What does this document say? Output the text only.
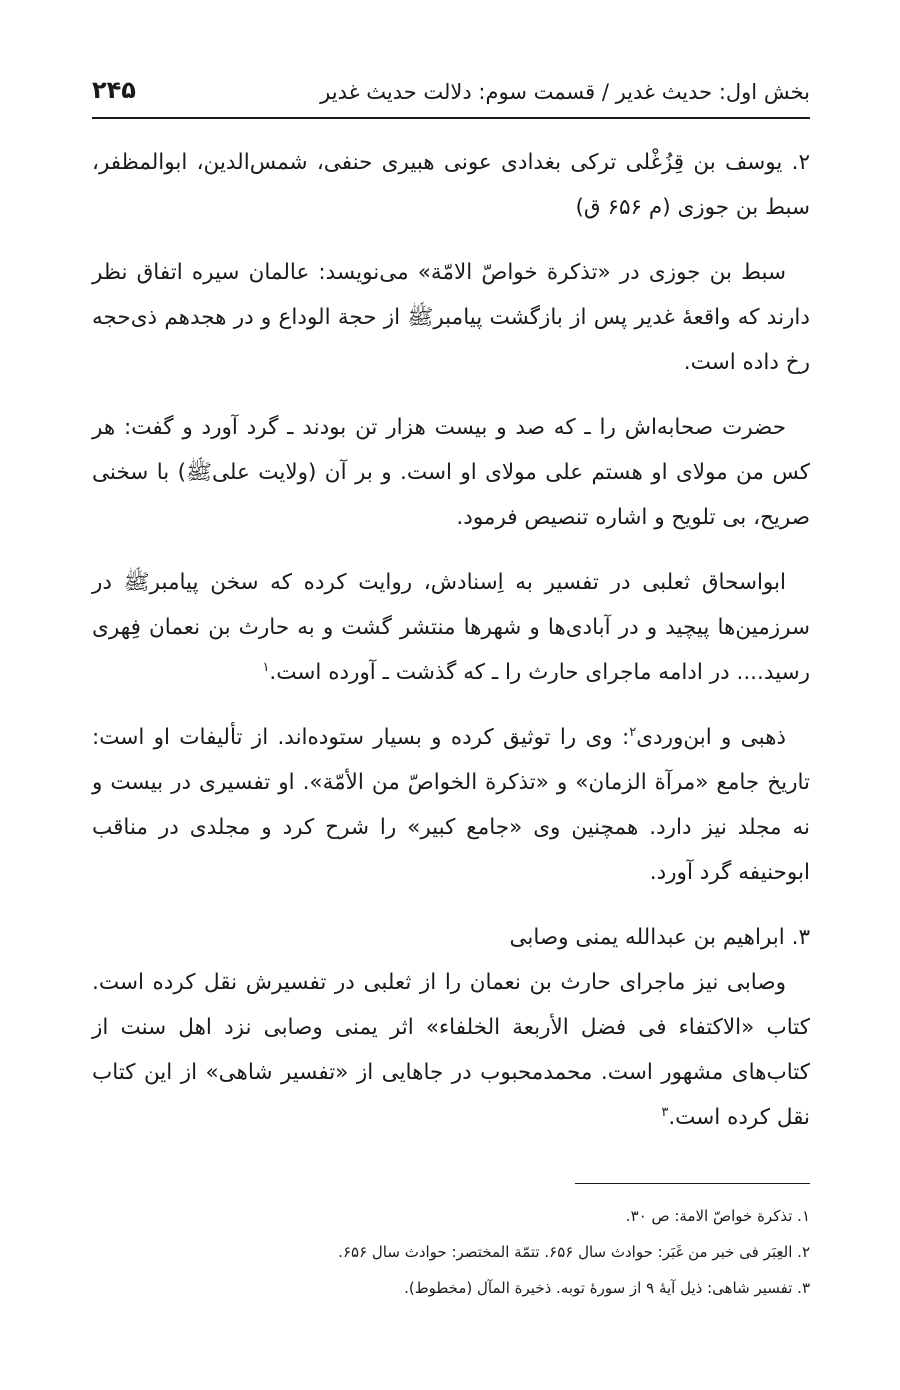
بخش اول: حدیث غدیر / قسمت سوم: دلالت حدیث غدیر
۲۴۵

۲. یوسف بن قِزُغْلی ترکی بغدادی عونی هبیری حنفی، شمس‌الدین، ابوالمظفر، سبط بن جوزی (م ۶۵۶ ق)

سبط بن جوزی در «تذکرة خواصّ الامّة» می‌نویسد: عالمان سیره اتفاق نظر دارند که واقعهٔ غدیر پس از بازگشت پیامبرﷺ از حجة الوداع و در هجدهم ذی‌حجه رخ داده است.

حضرت صحابه‌اش را ـ که صد و بیست هزار تن بودند ـ گرد آورد و گفت: هر کس من مولای او هستم علی مولای او است. و بر آن (ولایت علی‌ﷺ) با سخنی صریح، بی تلویح و اشاره تنصیص فرمود.

ابواسحاق ثعلبی در تفسیر به اِسنادش، روایت کرده که سخن پیامبرﷺ در سرزمین‌ها پیچید و در آبادی‌ها و شهرها منتشر گشت و به حارث بن نعمان فِهری رسید.... در ادامه ماجرای حارث را ـ که گذشت ـ آورده است.$^۱$

ذهبی و ابن‌وردی$^۲$: وی را توثیق کرده و بسیار ستوده‌اند. از تألیفات او است: تاریخ جامع «مرآة الزمان» و «تذکرة الخواصّ من الأمّة». او تفسیری در بیست و نه مجلد نیز دارد. همچنین وی «جامع کبیر» را شرح کرد و مجلدی در مناقب ابوحنیفه گرد آورد.

۳. ابراهیم بن عبدالله یمنی وصابی

وصابی نیز ماجرای حارث بن نعمان را از ثعلبی در تفسیرش نقل کرده است. کتاب «الاکتفاء فی فضل الأربعة الخلفاء» اثر یمنی وصابی نزد اهل سنت از کتاب‌های مشهور است. محمدمحبوب در جاهایی از «تفسیر شاهی» از این کتاب نقل کرده است.$^۳$

۱. تذکرة خواصّ الامة: ص ۳۰.
۲. العِبَر فی خبر من غَبَر: حوادث سال ۶۵۶. تتمّة المختصر: حوادث سال ۶۵۶.
۳. تفسیر شاهی: ذیل آیهٔ ۹ از سورهٔ توبه. ذخیرة المآل (مخطوط).
